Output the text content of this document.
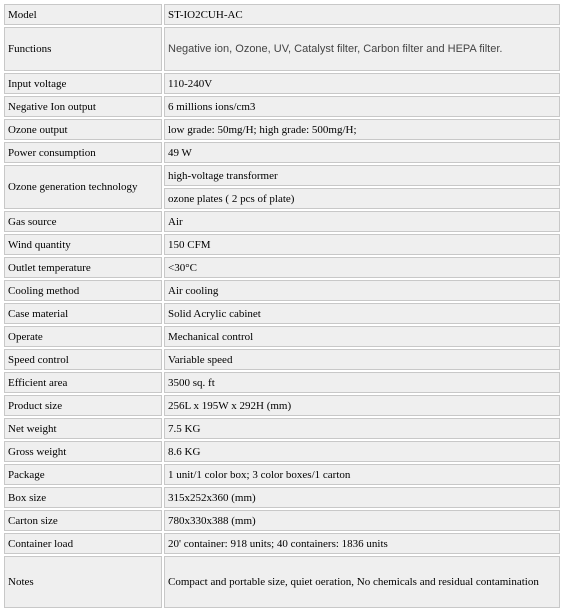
Model	ST-IO2CUH-AC
Functions	Negative ion, Ozone, UV, Catalyst filter, Carbon filter and HEPA filter.
Input voltage	110-240V
Negative Ion output	6 millions ions/cm3
Ozone output	low grade: 50mg/H; high grade: 500mg/H;
Power consumption	49 W
Ozone generation technology	high-voltage transformer
	ozone plates ( 2 pcs of plate)
Gas source	Air
Wind quantity	150 CFM
Outlet temperature	<30°C
Cooling method	Air cooling
Case material	Solid Acrylic cabinet
Operate	Mechanical control
Speed control	Variable speed
Efficient area	3500 sq. ft
Product size	256L x 195W x 292H (mm)
Net weight	7.5 KG
Gross weight	8.6 KG
Package	1 unit/1 color box; 3 color boxes/1 carton
Box size	315x252x360 (mm)
Carton size	780x330x388 (mm)
Container load	20' container: 918 units; 40 containers: 1836 units
Notes	Compact and portable size, quiet oeration, No chemicals and residual contamination
